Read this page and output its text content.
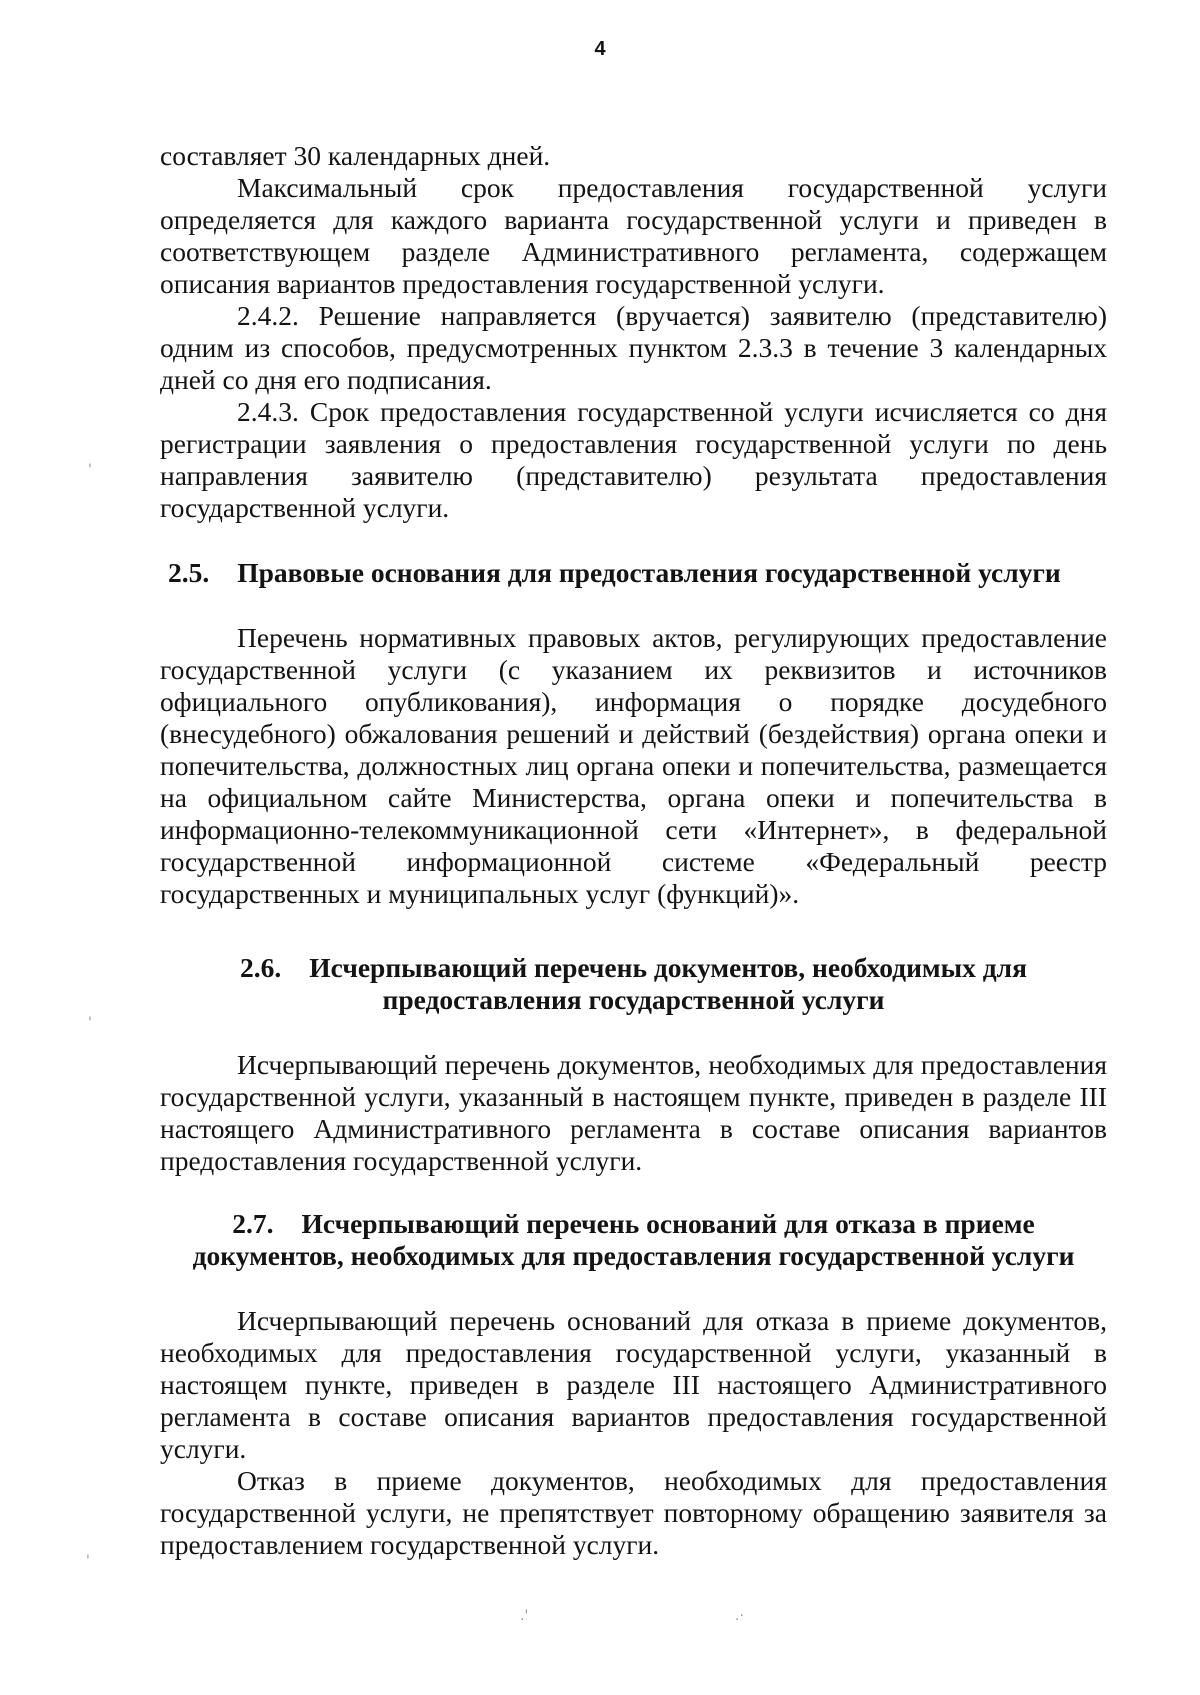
4

составляет 30 календарных дней.

Максимальный срок предоставления государственной услуги определяется для каждого варианта государственной услуги и приведен в соответствующем разделе Административного регламента, содержащем описания вариантов предоставления государственной услуги.

2.4.2. Решение направляется (вручается) заявителю (представителю) одним из способов, предусмотренных пунктом 2.3.3 в течение 3 календарных дней со дня его подписания.

2.4.3. Срок предоставления государственной услуги исчисляется со дня регистрации заявления о предоставления государственной услуги по день направления заявителю (представителю) результата предоставления государственной услуги.

2.5. Правовые основания для предоставления государственной услуги

Перечень нормативных правовых актов, регулирующих предоставление государственной услуги (с указанием их реквизитов и источников официального опубликования), информация о порядке досудебного (внесудебного) обжалования решений и действий (бездействия) органа опеки и попечительства, должностных лиц органа опеки и попечительства, размещается на официальном сайте Министерства, органа опеки и попечительства в информационно-телекоммуникационной сети «Интернет», в федеральной государственной информационной системе «Федеральный реестр государственных и муниципальных услуг (функций)».

2.6. Исчерпывающий перечень документов, необходимых для
предоставления государственной услуги

Исчерпывающий перечень документов, необходимых для предоставления государственной услуги, указанный в настоящем пункте, приведен в разделе III настоящего Административного регламента в составе описания вариантов предоставления государственной услуги.

2.7. Исчерпывающий перечень оснований для отказа в приеме
документов, необходимых для предоставления государственной услуги

Исчерпывающий перечень оснований для отказа в приеме документов, необходимых для предоставления государственной услуги, указанный в настоящем пункте, приведен в разделе III настоящего Административного регламента в составе описания вариантов предоставления государственной услуги.

Отказ в приеме документов, необходимых для предоставления государственной услуги, не препятствует повторному обращению заявителя за предоставлением государственной услуги.

'
'
'
.'	.·
